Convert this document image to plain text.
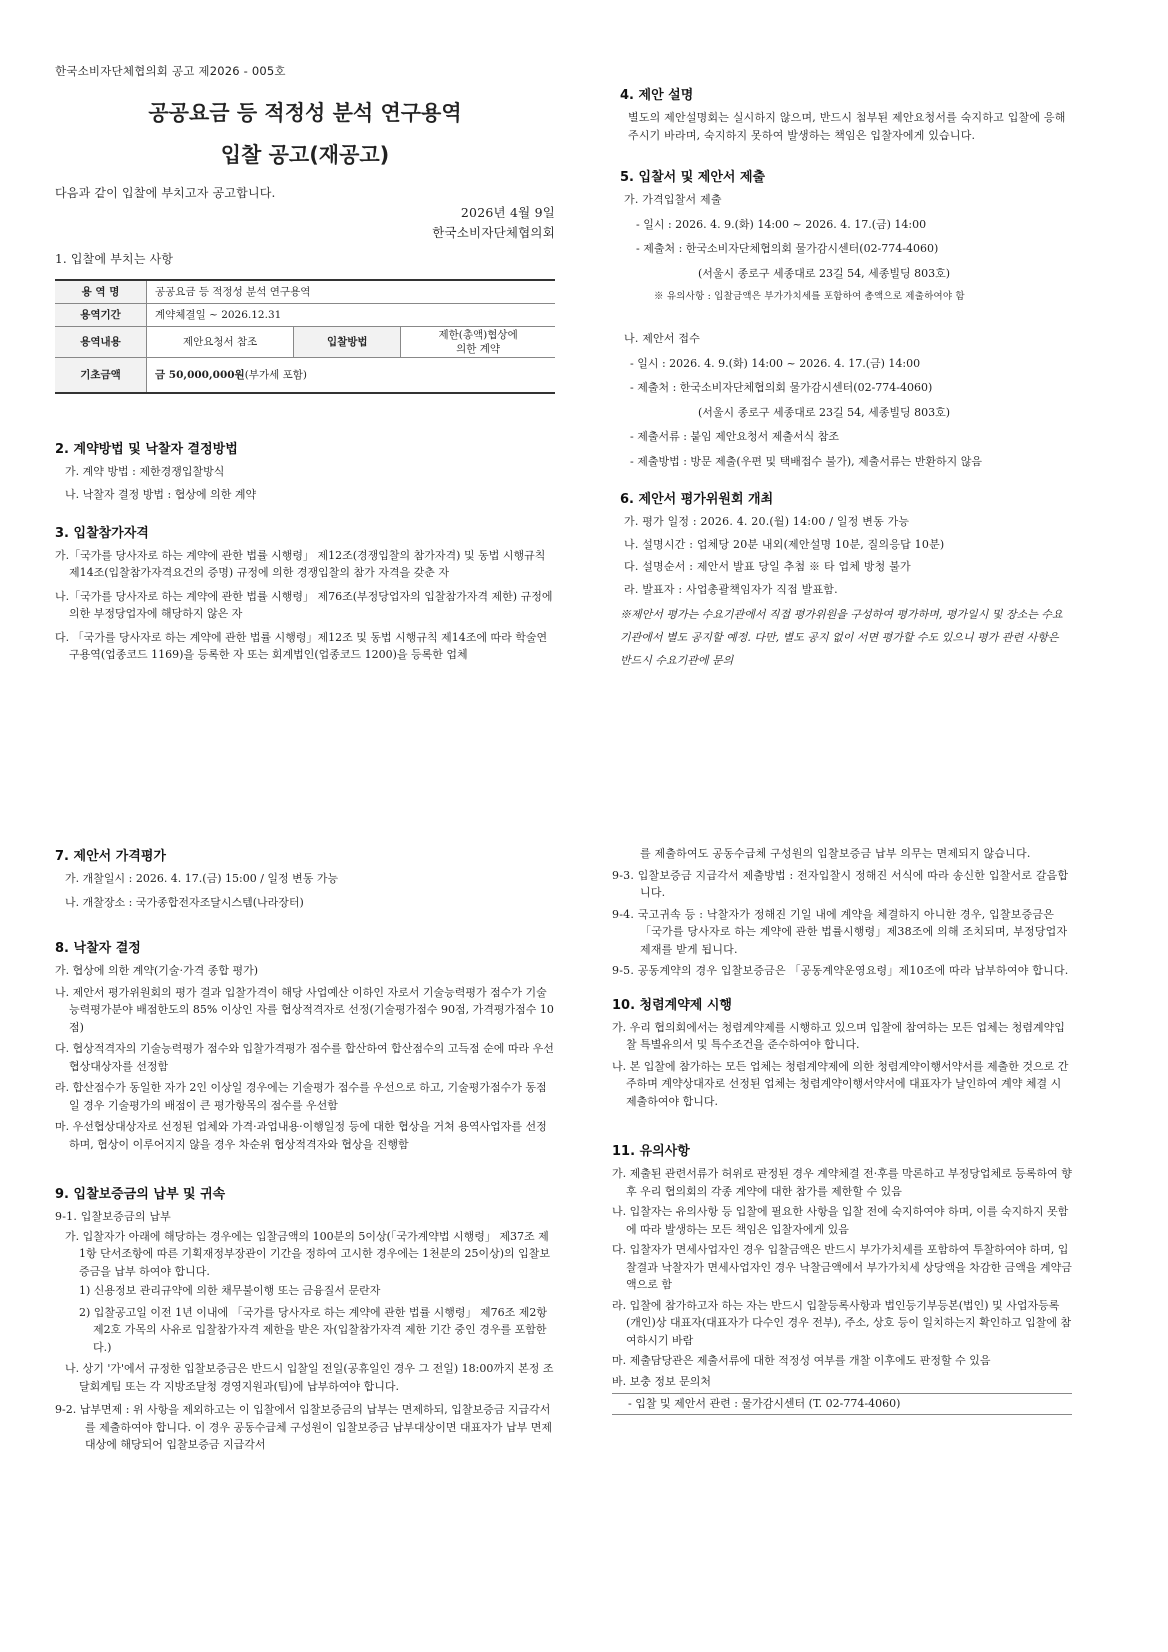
한국소비자단체협의회 공고 제2026 - 005호
공공요금 등 적정성 분석 연구용역
입찰 공고(재공고)
다음과 같이 입찰에 부치고자 공고합니다.
2026년 4월 9일
한국소비자단체협의회
1. 입찰에 부치는 사항
용 역 명	공공요금 등 적정성 분석 연구용역		
용역기간	계약체결일 ~ 2026.12.31		
용역내용	제안요청서 참조	입찰방법	제한(총액)협상에
의한 계약
기초금액	금 50,000,000원(부가세 포함)		
2. 계약방법 및 낙찰자 결정방법
가. 계약 방법 : 제한경쟁입찰방식
나. 낙찰자 결정 방법 : 협상에 의한 계약
3. 입찰참가자격
가.「국가를 당사자로 하는 계약에 관한 법률 시행령」 제12조(경쟁입찰의 참가자격) 및 동법 시행규칙 제14조(입찰참가자격요건의 증명) 규정에 의한 경쟁입찰의 참가 자격을 갖춘 자
나.「국가를 당사자로 하는 계약에 관한 법률 시행령」 제76조(부정당업자의 입찰참가자격 제한) 규정에 의한 부정당업자에 해당하지 않은 자
다. 「국가를 당사자로 하는 계약에 관한 법률 시행령」제12조 및 동법 시행규칙 제14조에 따라 학술연구용역(업종코드 1169)을 등록한 자 또는 회계법인(업종코드 1200)을 등록한 업체
4. 제안 설명
별도의 제안설명회는 실시하지 않으며, 반드시 첨부된 제안요청서를 숙지하고 입찰에 응해주시기 바라며, 숙지하지 못하여 발생하는 책임은 입찰자에게 있습니다.
5. 입찰서 및 제안서 제출
가. 가격입찰서 제출
- 일시 : 2026. 4. 9.(화) 14:00 ~ 2026. 4. 17.(금) 14:00
- 제출처 : 한국소비자단체협의회 물가감시센터(02-774-4060)
(서울시 종로구 세종대로 23길 54, 세종빌딩 803호)
※ 유의사항 : 입찰금액은 부가가치세를 포함하여 총액으로 제출하여야 함
나. 제안서 접수
- 일시 : 2026. 4. 9.(화) 14:00 ~ 2026. 4. 17.(금) 14:00
- 제출처 : 한국소비자단체협의회 물가감시센터(02-774-4060)
(서울시 종로구 세종대로 23길 54, 세종빌딩 803호)
- 제출서류 : 붙임 제안요청서 제출서식 참조
- 제출방법 : 방문 제출(우편 및 택배접수 불가), 제출서류는 반환하지 않음
6. 제안서 평가위원회 개최
가. 평가 일정 : 2026. 4. 20.(월) 14:00 / 일정 변동 가능
나. 설명시간 : 업체당 20분 내외(제안설명 10분, 질의응답 10분)
다. 설명순서 : 제안서 발표 당일 추첨 ※ 타 업체 방청 불가
라. 발표자 : 사업총괄책임자가 직접 발표함.
※제안서 평가는 수요기관에서 직접 평가위원을 구성하여 평가하며, 평가일시 및 장소는 수요기관에서 별도 공지할 예정. 다만, 별도 공지 없이 서면 평가할 수도 있으니 평가 관련 사항은 반드시 수요기관에 문의
7. 제안서 가격평가
가. 개찰일시 : 2026. 4. 17.(금) 15:00 / 일정 변동 가능
나. 개찰장소 : 국가종합전자조달시스템(나라장터)
8. 낙찰자 결정
가. 협상에 의한 계약(기술·가격 종합 평가)
나. 제안서 평가위원회의 평가 결과 입찰가격이 해당 사업예산 이하인 자로서 기술능력평가 점수가 기술능력평가분야 배점한도의 85% 이상인 자를 협상적격자로 선정(기술평가점수 90점, 가격평가점수 10점)
다. 협상적격자의 기술능력평가 점수와 입찰가격평가 점수를 합산하여 합산점수의 고득점 순에 따라 우선협상대상자를 선정함
라. 합산점수가 동일한 자가 2인 이상일 경우에는 기술평가 점수를 우선으로 하고, 기술평가점수가 동점일 경우 기술평가의 배점이 큰 평가항목의 점수를 우선함
마. 우선협상대상자로 선정된 업체와 가격·과업내용·이행일정 등에 대한 협상을 거쳐 용역사업자를 선정하며, 협상이 이루어지지 않을 경우 차순위 협상적격자와 협상을 진행함
9. 입찰보증금의 납부 및 귀속
9-1. 입찰보증금의 납부
가. 입찰자가 아래에 해당하는 경우에는 입찰금액의 100분의 5이상(「국가계약법 시행령」 제37조 제1항 단서조항에 따른 기획재정부장관이 기간을 정하여 고시한 경우에는 1천분의 25이상)의 입찰보증금을 납부 하여야 합니다.
1) 신용정보 관리규약에 의한 채무불이행 또는 금융질서 문란자
2) 입찰공고일 이전 1년 이내에 「국가를 당사자로 하는 계약에 관한 법률 시행령」 제76조 제2항 제2호 가목의 사유로 입찰참가자격 제한을 받은 자(입찰참가자격 제한 기간 중인 경우를 포함한다.)
나. 상기 '가'에서 규정한 입찰보증금은 반드시 입찰일 전일(공휴일인 경우 그 전일) 18:00까지 본정 조달회계팀 또는 각 지방조달청 경영지원과(팀)에 납부하여야 합니다.
9-2. 납부면제 : 위 사항을 제외하고는 이 입찰에서 입찰보증금의 납부는 면제하되, 입찰보증금 지급각서를 제출하여야 합니다. 이 경우 공동수급체 구성원이 입찰보증금 납부대상이면 대표자가 납부 면제 대상에 해당되어 입찰보증금 지급각서
를 제출하여도 공동수급체 구성원의 입찰보증금 납부 의무는 면제되지 않습니다.
9-3. 입찰보증금 지급각서 제출방법 : 전자입찰시 정해진 서식에 따라 송신한 입찰서로 갈음합니다.
9-4. 국고귀속 등 : 낙찰자가 정해진 기일 내에 계약을 체결하지 아니한 경우, 입찰보증금은「국가를 당사자로 하는 계약에 관한 법률시행령」제38조에 의해 조치되며, 부정당업자 제재를 받게 됩니다.
9-5. 공동계약의 경우 입찰보증금은 「공동계약운영요령」제10조에 따라 납부하여야 합니다.
10. 청렴계약제 시행
가. 우리 협의회에서는 청렴계약제를 시행하고 있으며 입찰에 참여하는 모든 업체는 청렴계약입찰 특별유의서 및 특수조건을 준수하여야 합니다.
나. 본 입찰에 참가하는 모든 업체는 청렴계약제에 의한 청렴계약이행서약서를 제출한 것으로 간주하며 계약상대자로 선정된 업체는 청렴계약이행서약서에 대표자가 날인하여 계약 체결 시 제출하여야 합니다.
11. 유의사항
가. 제출된 관련서류가 허위로 판정된 경우 계약체결 전·후를 막론하고 부정당업체로 등록하여 향후 우리 협의회의 각종 계약에 대한 참가를 제한할 수 있음
나. 입찰자는 유의사항 등 입찰에 필요한 사항을 입찰 전에 숙지하여야 하며, 이를 숙지하지 못함에 따라 발생하는 모든 책임은 입찰자에게 있음
다. 입찰자가 면세사업자인 경우 입찰금액은 반드시 부가가치세를 포함하여 투찰하여야 하며, 입찰결과 낙찰자가 면세사업자인 경우 낙찰금액에서 부가가치세 상당액을 차감한 금액을 계약금액으로 함
라. 입찰에 참가하고자 하는 자는 반드시 입찰등록사항과 법인등기부등본(법인) 및 사업자등록(개인)상 대표자(대표자가 다수인 경우 전부), 주소, 상호 등이 일치하는지 확인하고 입찰에 참여하시기 바람
마. 제출담당관은 제출서류에 대한 적정성 여부를 개찰 이후에도 판정할 수 있음
바. 보충 정보 문의처
- 입찰 및 제안서 관련 : 물가감시센터 (T. 02-774-4060)
